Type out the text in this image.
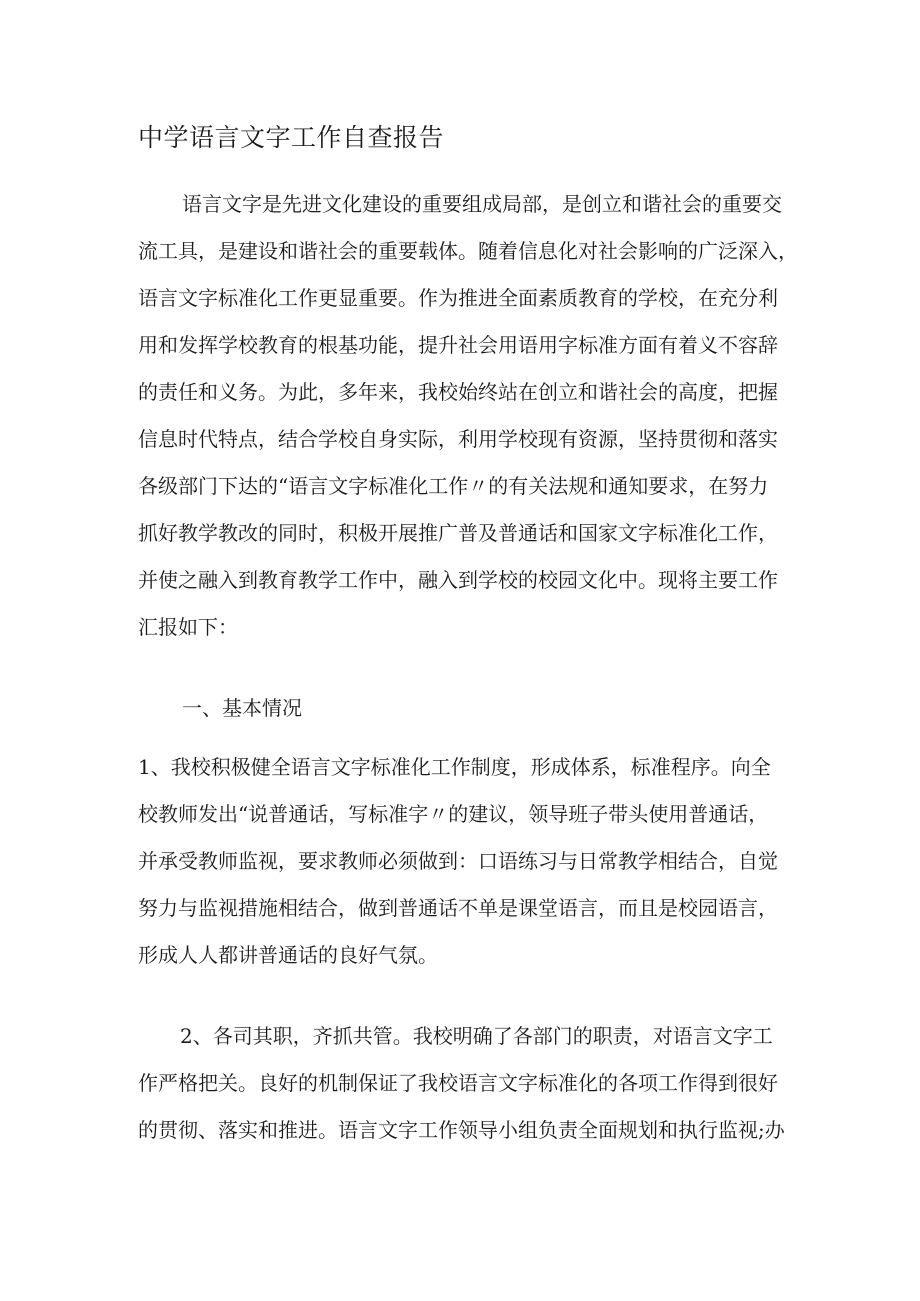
中学语言文字工作自查报告

语言文字是先进文化建设的重要组成局部，是创立和谐社会的重要交

流工具，是建设和谐社会的重要载体。随着信息化对社会影响的广泛深入，

语言文字标准化工作更显重要。作为推进全面素质教育的学校，在充分利

用和发挥学校教育的根基功能，提升社会用语用字标准方面有着义不容辞

的责任和义务。为此，多年来，我校始终站在创立和谐社会的高度，把握

信息时代特点，结合学校自身实际，利用学校现有资源，坚持贯彻和落实

各级部门下达的“语言文字标准化工作〃的有关法规和通知要求，在努力

抓好教学教改的同时，积极开展推广普及普通话和国家文字标准化工作，

并使之融入到教育教学工作中，融入到学校的校园文化中。现将主要工作

汇报如下：

一、基本情况

1、我校积极健全语言文字标准化工作制度，形成体系，标准程序。向全

校教师发出“说普通话，写标准字〃的建议，领导班子带头使用普通话，

并承受教师监视，要求教师必须做到：口语练习与日常教学相结合，自觉

努力与监视措施相结合，做到普通话不单是课堂语言，而且是校园语言，

形成人人都讲普通话的良好气氛。

2、各司其职，齐抓共管。我校明确了各部门的职责，对语言文字工

作严格把关。良好的机制保证了我校语言文字标准化的各项工作得到很好

的贯彻、落实和推进。语言文字工作领导小组负责全面规划和执行监视;办
